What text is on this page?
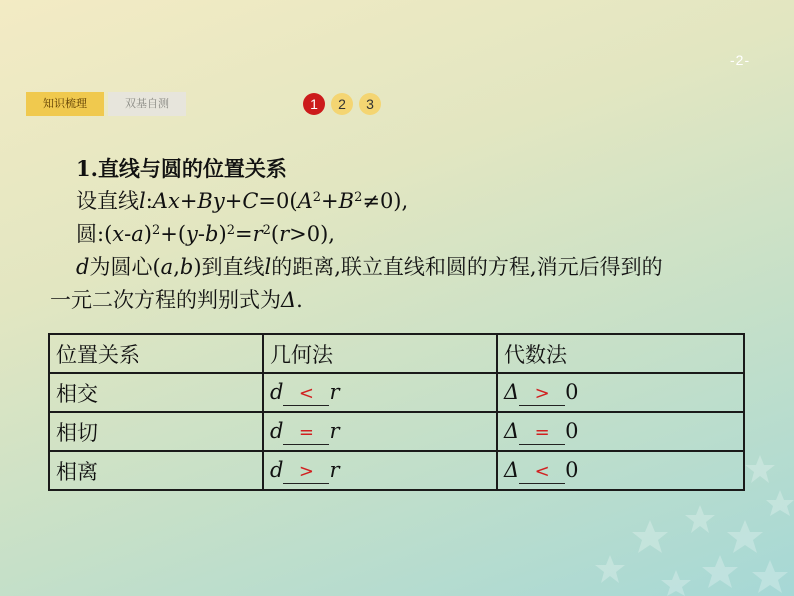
-2-
知识梳理	双基自测	1	2	3
1.直线与圆的位置关系
设直线$l:Ax+By+C=0(A^2+B^2\ne 0)$,
圆$:(x-a)^2+(y-b)^2=r^2(r>0)$,
d为圆心(a,b)到直线l的距离,联立直线和圆的方程,消元后得到的
一元二次方程的判别式为Δ.
位置关系	几何法	代数法
相交	d < r	Δ > 0
相切	d = r	Δ = 0
相离	d > r	Δ < 0
